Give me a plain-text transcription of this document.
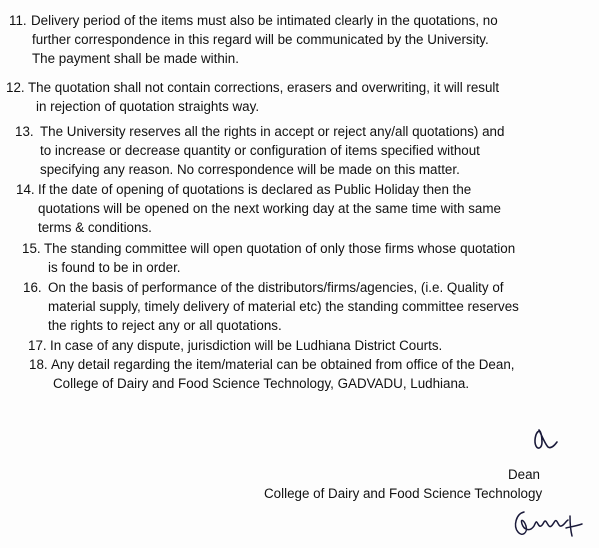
11. Delivery period of the items must also be intimated clearly in the quotations, no
further correspondence in this regard will be communicated by the University.
The payment shall be made within.
12. The quotation shall not contain corrections, erasers and overwriting, it will result
in rejection of quotation straights way.
13. The University reserves all the rights in accept or reject any/all quotations) and
to increase or decrease quantity or configuration of items specified without
specifying any reason. No correspondence will be made on this matter.
14. If the date of opening of quotations is declared as Public Holiday then the
quotations will be opened on the next working day at the same time with same
terms & conditions.
15. The standing committee will open quotation of only those firms whose quotation
is found to be in order.
16. On the basis of performance of the distributors/firms/agencies, (i.e. Quality of
material supply, timely delivery of material etc) the standing committee reserves
the rights to reject any or all quotations.
17. In case of any dispute, jurisdiction will be Ludhiana District Courts.
18. Any detail regarding the item/material can be obtained from office of the Dean,
College of Dairy and Food Science Technology, GADVADU, Ludhiana.
Dean
College of Dairy and Food Science Technology
